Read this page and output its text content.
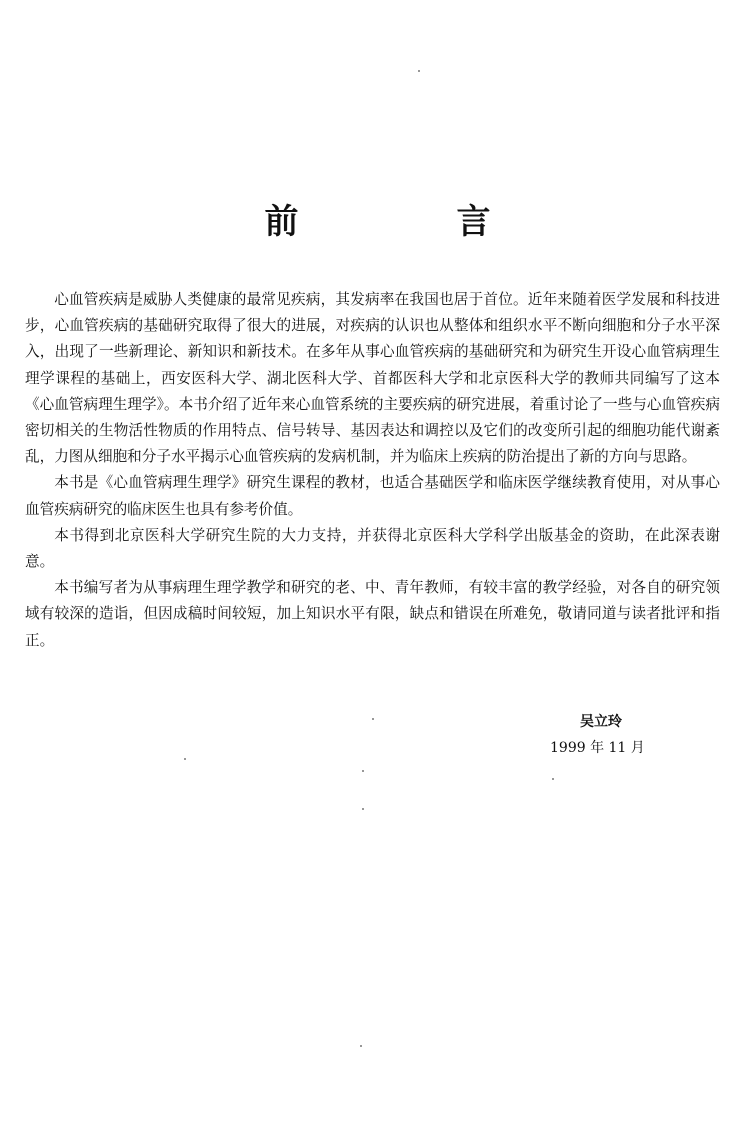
前　言

心血管疾病是威胁人类健康的最常见疾病，其发病率在我国也居于首位。近年来随着医学发展和科技进步，心血管疾病的基础研究取得了很大的进展，对疾病的认识也从整体和组织水平不断向细胞和分子水平深入，出现了一些新理论、新知识和新技术。在多年从事心血管疾病的基础研究和为研究生开设心血管病理生理学课程的基础上，西安医科大学、湖北医科大学、首都医科大学和北京医科大学的教师共同编写了这本《心血管病理生理学》。本书介绍了近年来心血管系统的主要疾病的研究进展，着重讨论了一些与心血管疾病密切相关的生物活性物质的作用特点、信号转导、基因表达和调控以及它们的改变所引起的细胞功能代谢紊乱，力图从细胞和分子水平揭示心血管疾病的发病机制，并为临床上疾病的防治提出了新的方向与思路。

本书是《心血管病理生理学》研究生课程的教材，也适合基础医学和临床医学继续教育使用，对从事心血管疾病研究的临床医生也具有参考价值。

本书得到北京医科大学研究生院的大力支持，并获得北京医科大学科学出版基金的资助，在此深表谢意。

本书编写者为从事病理生理学教学和研究的老、中、青年教师，有较丰富的教学经验，对各自的研究领域有较深的造诣，但因成稿时间较短，加上知识水平有限，缺点和错误在所难免，敬请同道与读者批评和指正。

吴立玲
1999 年 11 月
